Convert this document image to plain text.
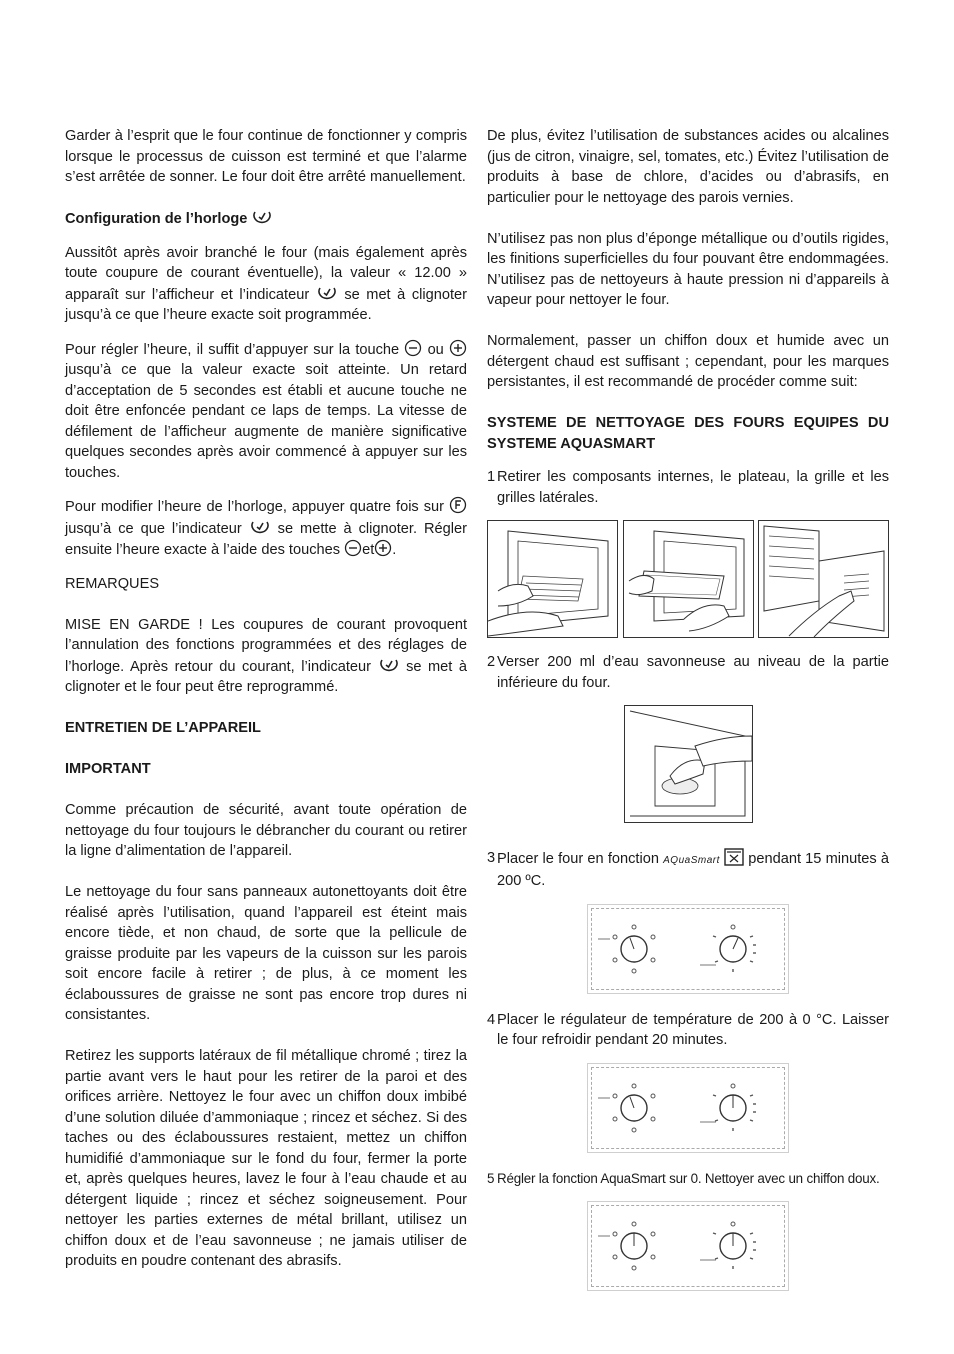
Garder à l’esprit que le four continue de fonctionner y compris lorsque le processus de cuisson est terminé et que l’alarme s’est arrêtée de sonner. Le four doit être arrêté manuellement.

Configuration de l’horloge

Aussitôt après avoir branché le four (mais également après toute coupure de courant éventuelle), la valeur « 12.00 » apparaît sur l’afficheur et l’indicateur se met à clignoter jusqu’à ce que l’heure exacte soit programmée.

Pour régler l’heure, il suffit d’appuyer sur la touche ou  jusqu’à ce que la valeur exacte soit atteinte. Un retard d’acceptation de 5 secondes est établi et aucune touche ne doit être enfoncée pendant ce laps de temps. La vitesse de défilement de l’afficheur augmente de manière significative quelques secondes après avoir commencé à appuyer sur les touches.

Pour modifier l’heure de l’horloge, appuyer quatre fois sur  jusqu’à ce que l’indicateur se mette à clignoter. Régler ensuite l’heure exacte à l’aide des touches et .

REMARQUES

MISE EN GARDE ! Les coupures de courant provoquent l’annulation des fonctions programmées et des réglages de l’horloge. Après retour du courant, l’indicateur se met à clignoter et le four peut être reprogrammé.

ENTRETIEN DE L’APPAREIL

IMPORTANT

Comme précaution de sécurité, avant toute opération de nettoyage du four toujours le débrancher du courant ou retirer la ligne d’alimentation de l’appareil.

Le nettoyage du four sans panneaux autonettoyants doit être réalisé après l’utilisation, quand l’appareil est éteint mais encore tiède, et non chaud, de sorte que la pellicule de graisse produite par les vapeurs de la cuisson sur les parois soit encore facile à retirer ; de plus, à ce moment les éclaboussures de graisse ne sont pas encore trop dures ni consistantes.

Retirez les supports latéraux de fil métallique chromé ; tirez la partie avant vers le haut pour les retirer de la paroi et des orifices arrière. Nettoyez le four avec un chiffon doux imbibé d’une solution diluée d’ammoniaque ; rincez et séchez. Si des taches ou des éclaboussures restaient, mettez un chiffon humidifié d’ammoniaque sur le fond du four, fermer la porte et, après quelques heures, lavez le four à l’eau chaude et au détergent liquide ; rincez et séchez soigneusement. Pour nettoyer les parties externes de métal brillant, utilisez un chiffon doux et de l’eau savonneuse ; ne jamais utiliser de produits en poudre contenant des abrasifs.

De plus, évitez l’utilisation de substances acides ou alcalines (jus de citron, vinaigre, sel, tomates, etc.) Évitez l’utilisation de produits à base de chlore, d’acides ou d’abrasifs, en particulier pour le nettoyage des parois vernies.

N’utilisez pas non plus d’éponge métallique ou d’outils rigides, les finitions superficielles du four pouvant être endommagées. N’utilisez pas de nettoyeurs à haute pression ni d’appareils à vapeur pour nettoyer le four.

Normalement, passer un chiffon doux et humide avec un détergent chaud est suffisant ; cependant, pour les marques persistantes, il est recommandé de procéder comme suit:

SYSTEME DE NETTOYAGE DES FOURS EQUIPES DU SYSTEME AQUASMART

1 Retirer les composants internes, le plateau, la grille et les grilles latérales.
2 Verser 200 ml d’eau savonneuse au niveau de la partie inférieure du four.
3 Placer le four en fonction AQuaSmart pendant 15 minutes à 200 ºC.
4 Placer le régulateur de température de 200 à 0 °C. Laisser le four refroidir pendant 20 minutes.
5 Régler la fonction AquaSmart sur 0. Nettoyer avec un chiffon doux.
